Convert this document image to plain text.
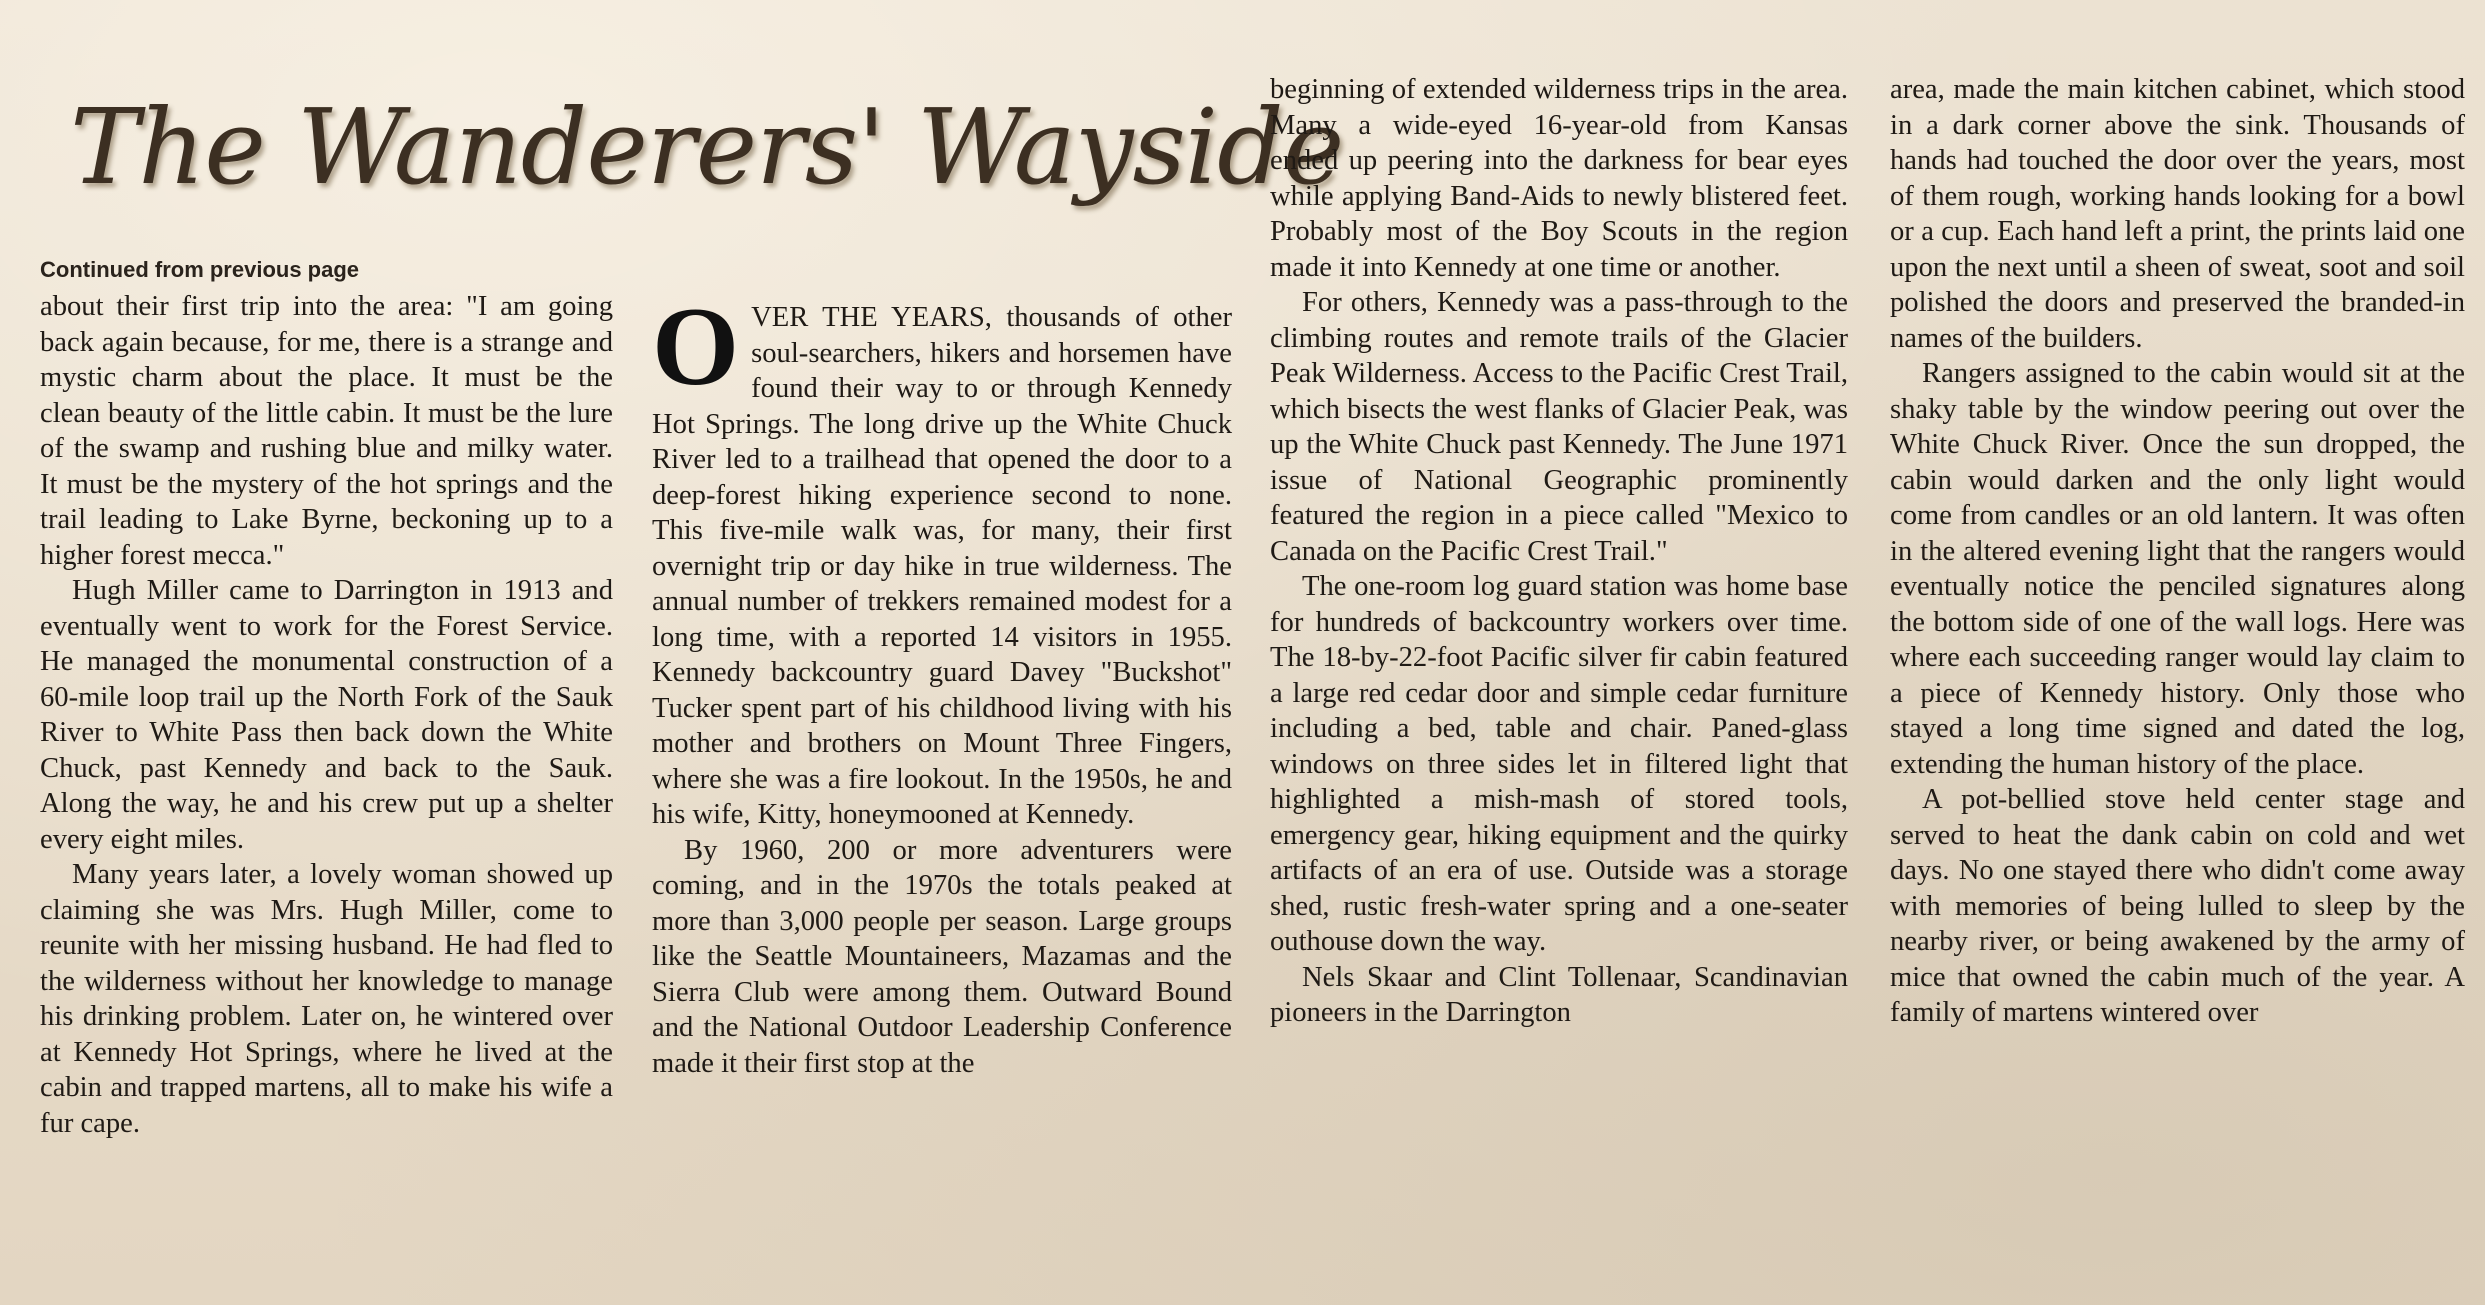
The Wanderers' Wayside
Continued from previous page

about their first trip into the area: "I am going back again because, for me, there is a strange and mystic charm about the place. It must be the clean beauty of the little cabin. It must be the lure of the swamp and rushing blue and milky water. It must be the mystery of the hot springs and the trail leading to Lake Byrne, beckoning up to a higher forest mecca."

Hugh Miller came to Darrington in 1913 and eventually went to work for the Forest Service. He managed the monumental construction of a 60-mile loop trail up the North Fork of the Sauk River to White Pass then back down the White Chuck, past Kennedy and back to the Sauk. Along the way, he and his crew put up a shelter every eight miles.

Many years later, a lovely woman showed up claiming she was Mrs. Hugh Miller, come to reunite with her missing husband. He had fled to the wilderness without her knowledge to manage his drinking problem. Later on, he wintered over at Kennedy Hot Springs, where he lived at the cabin and trapped martens, all to make his wife a fur cape.

OVER THE YEARS, thousands of other soul-searchers, hikers and horsemen have found their way to or through Kennedy Hot Springs. The long drive up the White Chuck River led to a trailhead that opened the door to a deep-forest hiking experience second to none. This five-mile walk was, for many, their first overnight trip or day hike in true wilderness. The annual number of trekkers remained modest for a long time, with a reported 14 visitors in 1955. Kennedy backcountry guard Davey "Buckshot" Tucker spent part of his childhood living with his mother and brothers on Mount Three Fingers, where she was a fire lookout. In the 1950s, he and his wife, Kitty, honeymooned at Kennedy.

By 1960, 200 or more adventurers were coming, and in the 1970s the totals peaked at more than 3,000 people per season. Large groups like the Seattle Mountaineers, Mazamas and the Sierra Club were among them. Outward Bound and the National Outdoor Leadership Conference made it their first stop at the

beginning of extended wilderness trips in the area. Many a wide-eyed 16-year-old from Kansas ended up peering into the darkness for bear eyes while applying Band-Aids to newly blistered feet. Probably most of the Boy Scouts in the region made it into Kennedy at one time or another.

For others, Kennedy was a pass-through to the climbing routes and remote trails of the Glacier Peak Wilderness. Access to the Pacific Crest Trail, which bisects the west flanks of Glacier Peak, was up the White Chuck past Kennedy. The June 1971 issue of National Geographic prominently featured the region in a piece called "Mexico to Canada on the Pacific Crest Trail."

The one-room log guard station was home base for hundreds of backcountry workers over time. The 18-by-22-foot Pacific silver fir cabin featured a large red cedar door and simple cedar furniture including a bed, table and chair. Paned-glass windows on three sides let in filtered light that highlighted a mish-mash of stored tools, emergency gear, hiking equipment and the quirky artifacts of an era of use. Outside was a storage shed, rustic fresh-water spring and a one-seater outhouse down the way.

Nels Skaar and Clint Tollenaar, Scandinavian pioneers in the Darrington

area, made the main kitchen cabinet, which stood in a dark corner above the sink. Thousands of hands had touched the door over the years, most of them rough, working hands looking for a bowl or a cup. Each hand left a print, the prints laid one upon the next until a sheen of sweat, soot and soil polished the doors and preserved the branded-in names of the builders.

Rangers assigned to the cabin would sit at the shaky table by the window peering out over the White Chuck River. Once the sun dropped, the cabin would darken and the only light would come from candles or an old lantern. It was often in the altered evening light that the rangers would eventually notice the penciled signatures along the bottom side of one of the wall logs. Here was where each succeeding ranger would lay claim to a piece of Kennedy history. Only those who stayed a long time signed and dated the log, extending the human history of the place.

A pot-bellied stove held center stage and served to heat the dank cabin on cold and wet days. No one stayed there who didn't come away with memories of being lulled to sleep by the nearby river, or being awakened by the army of mice that owned the cabin much of the year. A family of martens wintered over
